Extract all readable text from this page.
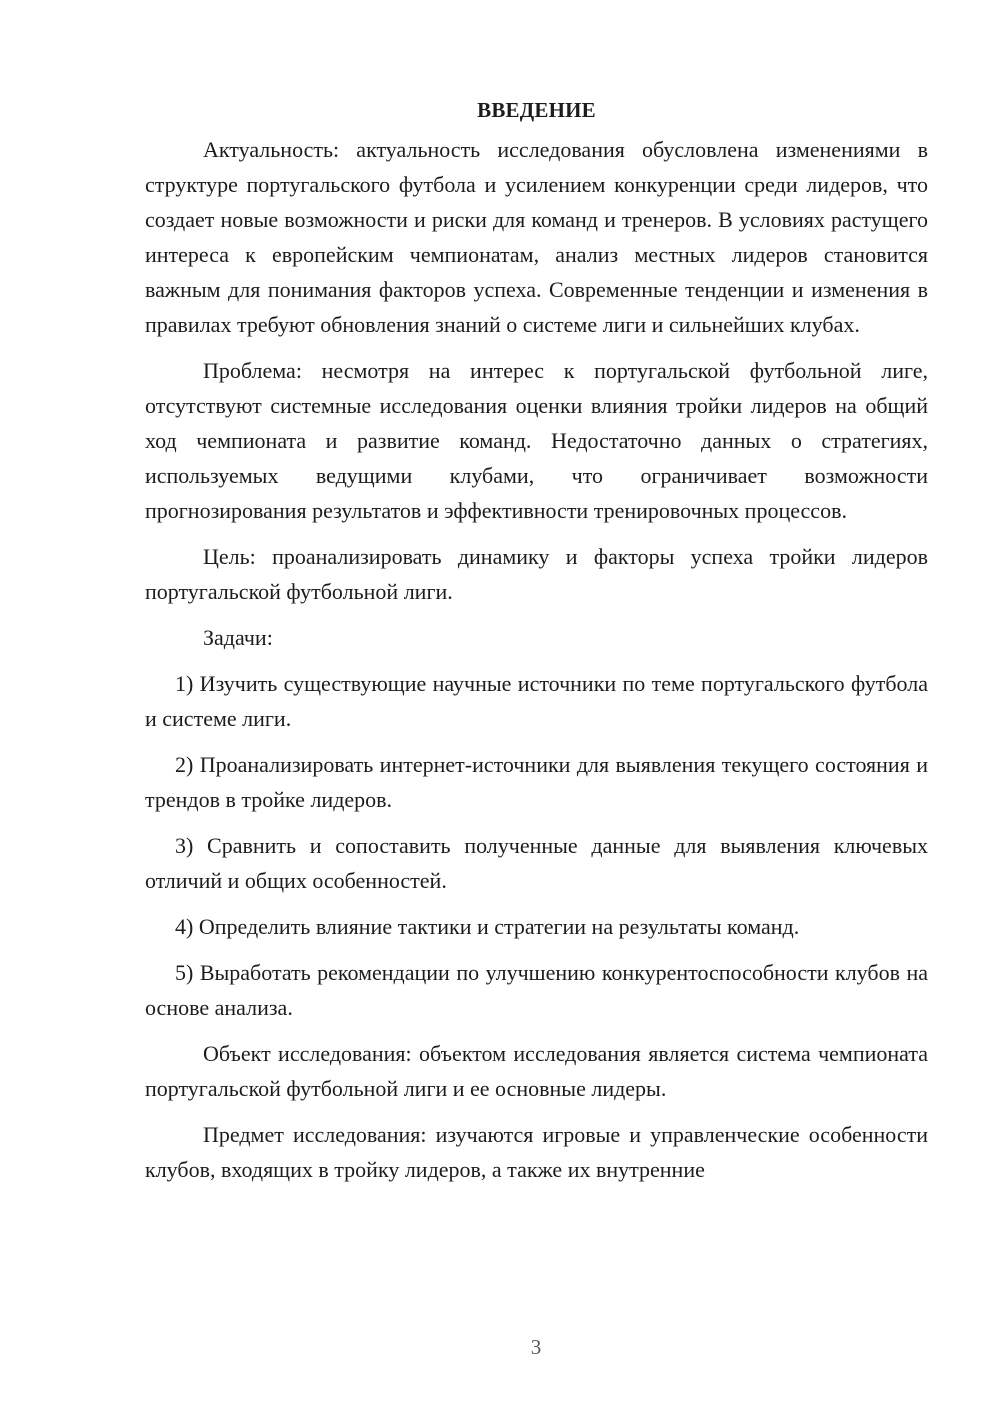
ВВЕДЕНИЕ

Актуальность: актуальность исследования обусловлена изменениями в структуре португальского футбола и усилением конкуренции среди лидеров, что создает новые возможности и риски для команд и тренеров. В условиях растущего интереса к европейским чемпионатам, анализ местных лидеров становится важным для понимания факторов успеха. Современные тенденции и изменения в правилах требуют обновления знаний о системе лиги и сильнейших клубах.

Проблема: несмотря на интерес к португальской футбольной лиге, отсутствуют системные исследования оценки влияния тройки лидеров на общий ход чемпионата и развитие команд. Недостаточно данных о стратегиях, используемых ведущими клубами, что ограничивает возможности прогнозирования результатов и эффективности тренировочных процессов.

Цель: проанализировать динамику и факторы успеха тройки лидеров португальской футбольной лиги.

Задачи:

1) Изучить существующие научные источники по теме португальского футбола и системе лиги.

2) Проанализировать интернет-источники для выявления текущего состояния и трендов в тройке лидеров.

3) Сравнить и сопоставить полученные данные для выявления ключевых отличий и общих особенностей.

4) Определить влияние тактики и стратегии на результаты команд.

5) Выработать рекомендации по улучшению конкурентоспособности клубов на основе анализа.

Объект исследования: объектом исследования является система чемпионата португальской футбольной лиги и ее основные лидеры.

Предмет исследования: изучаются игровые и управленческие особенности клубов, входящих в тройку лидеров, а также их внутренние

3
